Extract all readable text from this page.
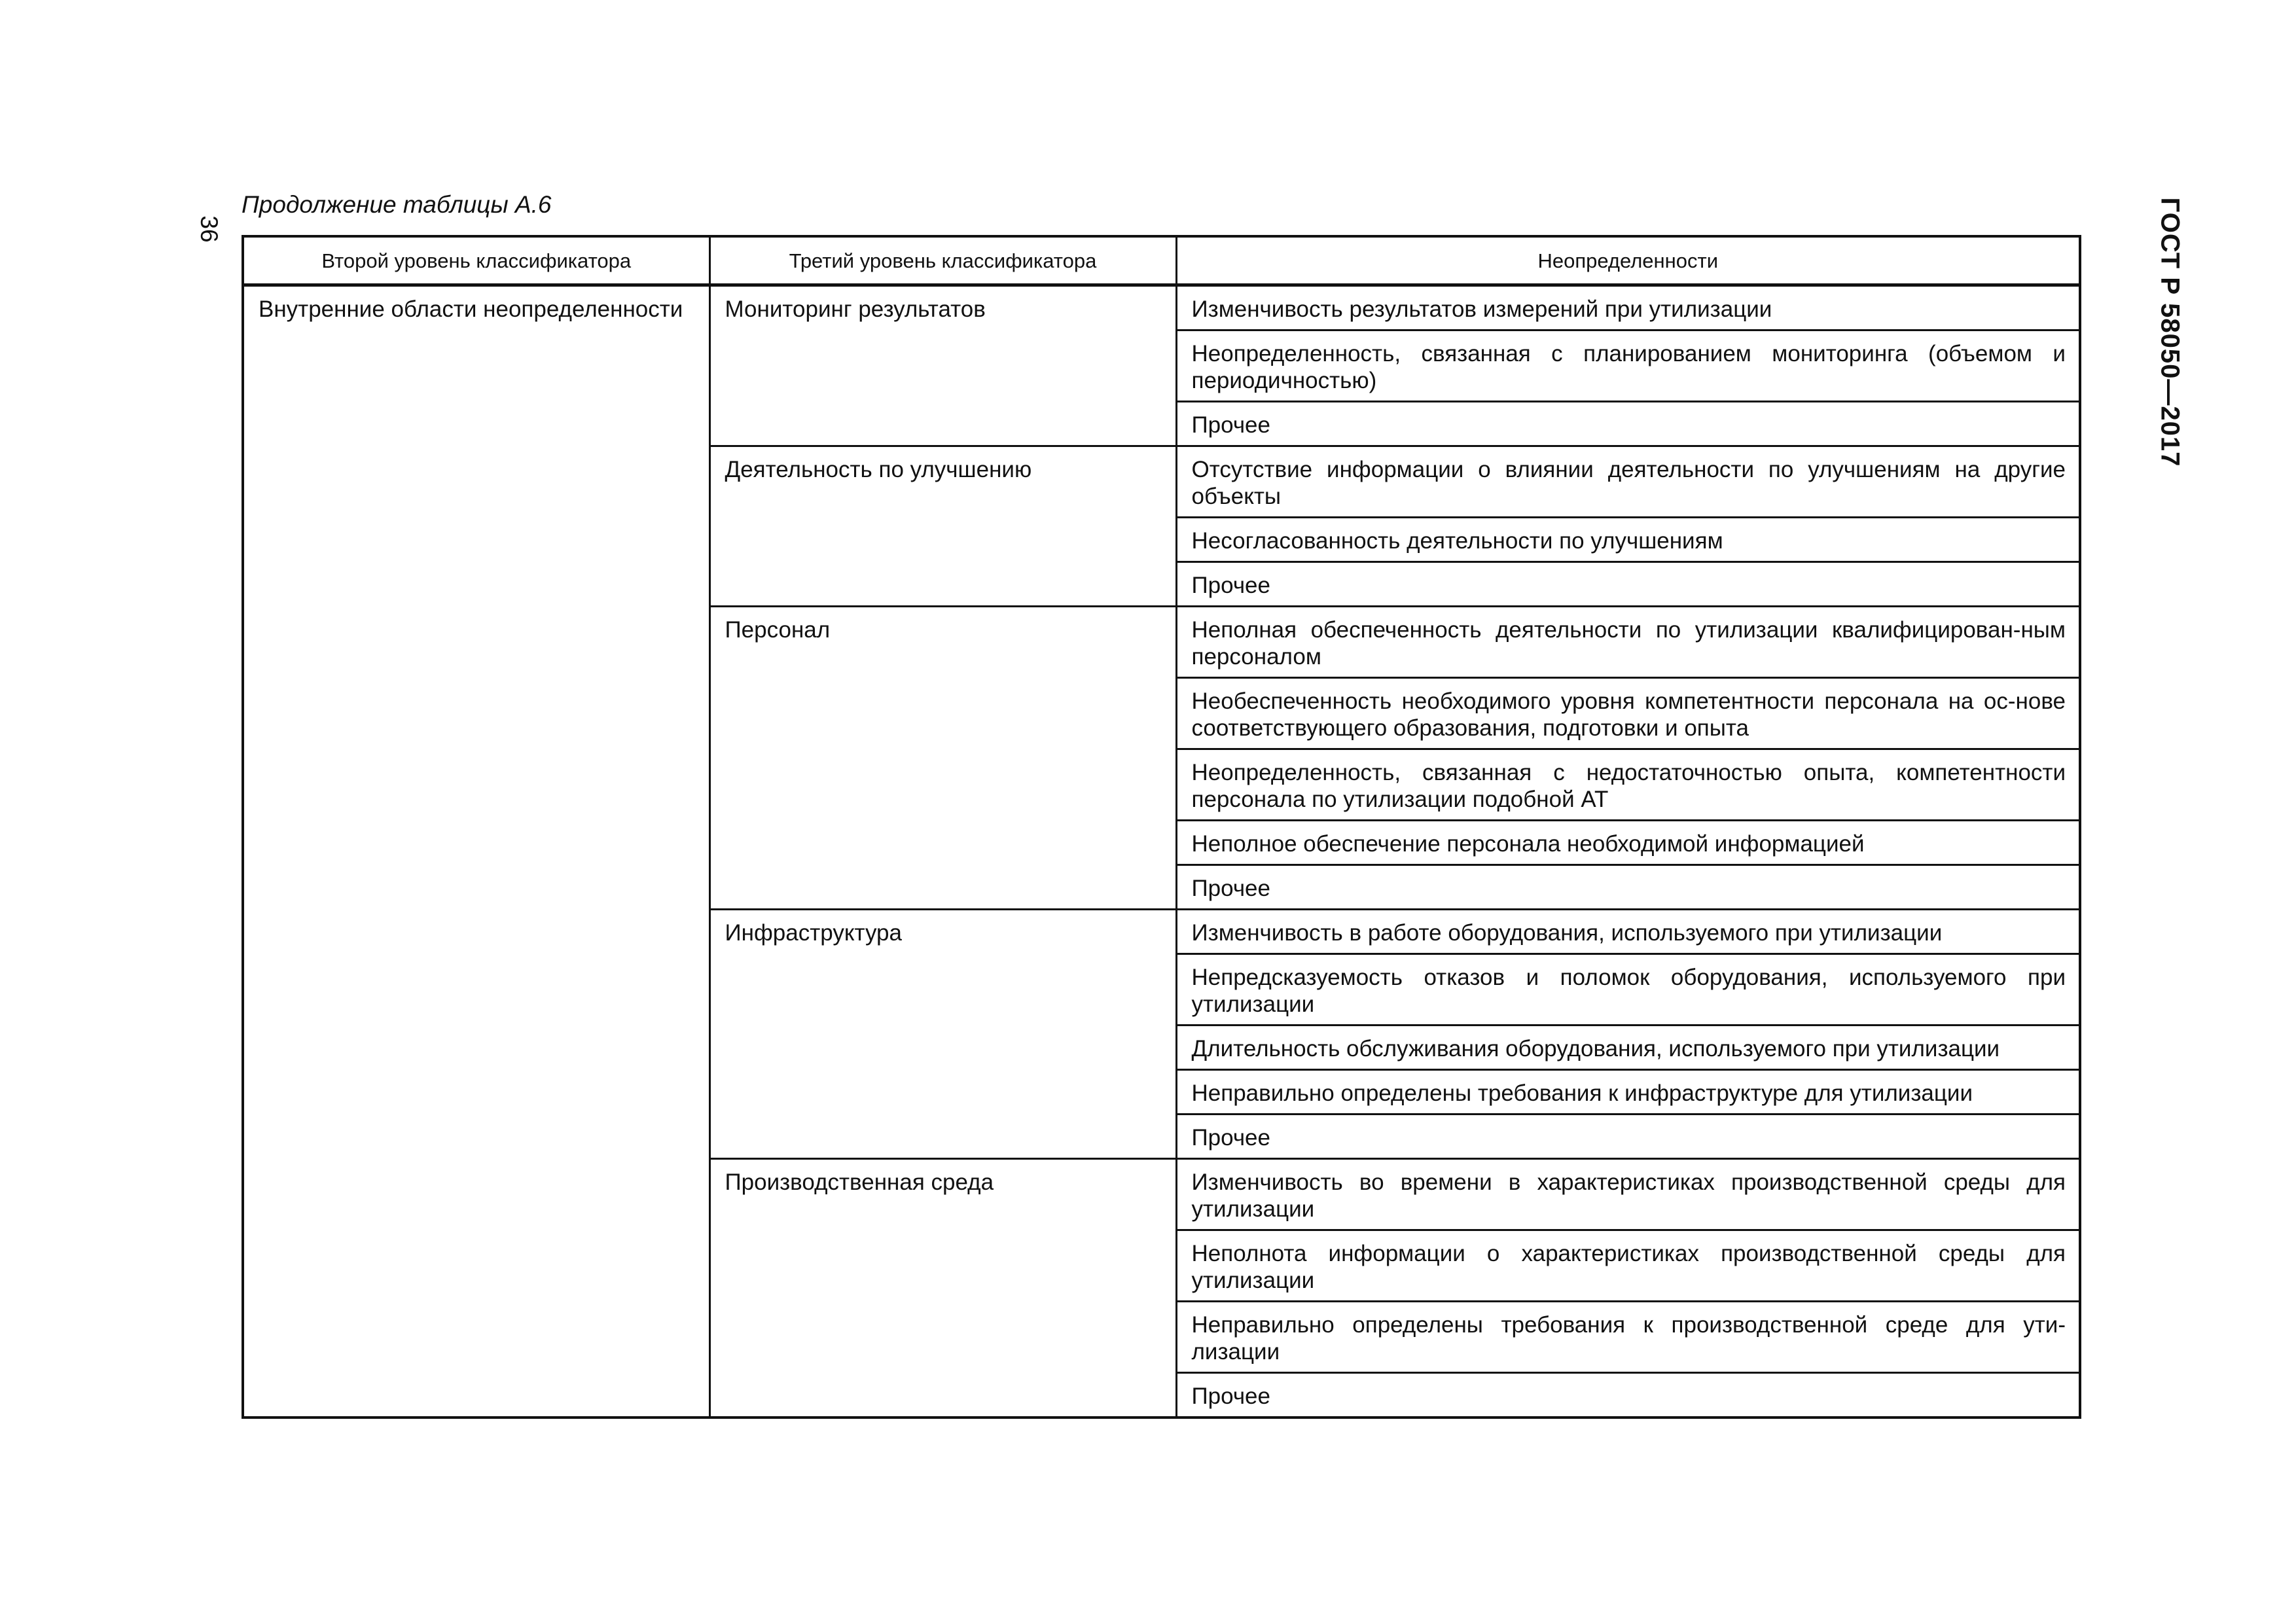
36
Продолжение таблицы А.6	ГОСТ Р 58050—2017
Второй уровень классификатора	Третий уровень классификатора	Неопределенности
Внутренние области неопределенности	Мониторинг результатов	Изменчивость результатов измерений при утилизации
		Неопределенность, связанная с планированием мониторинга (объемом и периодичностью)
		Прочее
	Деятельность по улучшению	Отсутствие информации о влиянии деятельности по улучшениям на другие объекты
		Несогласованность деятельности по улучшениям
		Прочее
	Персонал	Неполная обеспеченность деятельности по утилизации квалифицирован-ным персоналом
		Необеспеченность необходимого уровня компетентности персонала на ос-нове соответствующего образования, подготовки и опыта
		Неопределенность, связанная с недостаточностью опыта, компетентности персонала по утилизации подобной АТ
		Неполное обеспечение персонала необходимой информацией
		Прочее
	Инфраструктура	Изменчивость в работе оборудования, используемого при утилизации
		Непредсказуемость отказов и поломок оборудования, используемого при утилизации
		Длительность обслуживания оборудования, используемого при утилизации
		Неправильно определены требования к инфраструктуре для утилизации
		Прочее
	Производственная среда	Изменчивость во времени в характеристиках производственной среды для утилизации
		Неполнота информации о характеристиках производственной среды для утилизации
		Неправильно определены требования к производственной среде для ути-лизации
		Прочее
